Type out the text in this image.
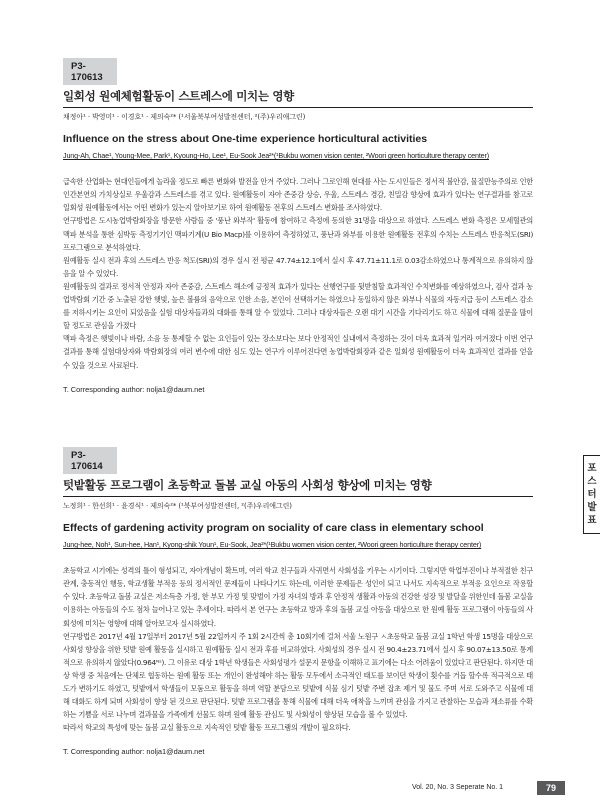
P3-170613
일회성 원예체험활동이 스트레스에 미치는 영향
채정아¹ · 박영미¹ · 이경호¹ · 제의숙²* (¹서울북부여성발전센터, ²(주)우리애그린)
Influence on the stress about One-time experience horticultural activities
Jung-Ah, Chae¹, Young-Mee, Park¹, Kyoung-Ho, Lee¹, Eu-Sook Jea²*(¹Bukbu women vision center, ²Woori green horticulture therapy center)

급속한 산업화는 현대인들에게 놀라울 정도로 빠른 변화와 발전을 안겨 주었다. 그러나 그로인해 현대를 사는 도시인들은 정서적 불안감, 물질만능주의로 인한 인간본연의 가치상실로 우울감과 스트레스를 겪고 있다. 원예활동이 자아 존중감 상승, 우울, 스트레스 경감, 친밀감 향상에 효과가 있다는 연구결과를 참고로 일회성 원예활동에서는 어떤 변화가 있는지 알아보기로 하여 원예활동 전후의 스트레스 변화를 조사하였다.

연구방법은 도시농업박람회장을 방문한 사람들 중 '풍난 와부작' 활동에 참여하고 측정에 동의한 31명을 대상으로 하였다. 스트레스 변화 측정은 모세혈관의 맥파 분석을 통한 심박동 측정기기인 맥파기계(U Bio Macp)를 이용하여 측정하였고, 풍난과 와부를 이용한 원예활동 전후의 수치는 스트레스 반응척도(SRI)프로그램으로 분석하였다.

원예활동 실시 전과 후의 스트레스 반응 척도(SRI)의 경우 실시 전 평균 47.74±12.1에서 실시 후 47.71±11.1로 0.03감소하였으나 통계적으로 유의하지 않음을 알 수 있었다.

원예활동의 결과로 정서적 안정과 자아 존중감, 스트레스 해소에 긍정적 효과가 있다는 선행연구를 뒷받침할 효과적인 수치변화를 예상하였으나, 검사 결과 농업박람회 기간 중 노출된 강한 햇빛, 높은 볼륨의 음악으로 인한 소음, 본인이 선택하기는 하였으나 동일하지 않은 와부나 식물의 자동지급 등이 스트레스 감소를 저하시키는 요인이 되었음을 실험 대상자들과의 대화를 통해 알 수 있었다. 그러나 대상자들은 오랜 대기 시간을 기다리기도 하고 식물에 대해 질문을 많이 할 정도로 관심을 가졌다

맥파 측정은 햇빛이나 바람, 소음 등 통제할 수 없는 요인들이 있는 장소보다는 보다 안정적인 실내에서 측정하는 것이 더욱 효과적 일거라 여겨졌다 이번 연구결과를 통해 실험대상자와 박람회장의 여러 변수에 대한 심도 있는 연구가 이루어진다면 농업박람회장과 같은 일회성 원예활동이 더욱 효과적인 결과를 얻을 수 있을 것으로 사료된다.

T. Corresponding author: nolja1@daum.net
P3-170614
텃밭활동 프로그램이 초등학교 돌봄 교실 아동의 사회성 향상에 미치는 영향
노정희¹ · 한선희¹ · 윤경식¹ · 제의숙²* (¹북부여성발전센터, ²(주)우리애그린)
Effects of gardening activity program on sociality of care class in elementary school
Jung-hee, Noh¹, Sun-hee, Han¹, Kyong-shik Youn¹, Eu-Sook, Jea²*(¹Bukbu women vision center, ²Woori green horticulture therapy center)

초등학교 시기에는 성격의 틀이 형성되고, 자아개념이 확트며, 여러 학교 친구들과 사귀면서 사회성을 키우는 시기이다. 그렇지만 학업부진이나 부적절한 친구관계, 충동적인 행동, 학교생활 부적응 등의 정서적인 문제들이 나타나기도 하는데, 이러한 문제들은 성인이 되고 나서도 지속적으로 부적응 요인으로 작용할 수 있다. 초등학교 돌봄 교실은 저소득층 가정, 한 부모 가정 및 맞벌이 가정 자녀의 방과 후 안정적 생활과 아동의 건강한 성장 및 발달을 위한인데 돌봄 교실을 이용하는 아동들의 수도 점차 늘어나고 있는 추세이다. 따라서 본 연구는 초등학교 방과 후의 돌봄 교실 아동을 대상으로 한 원예 활동 프로그램이 아동들의 사회성에 미치는 영향에 대해 알아보고자 실시하였다.

연구방법은 2017년 4월 17일부터 2017년 5월 22일까지 주 1회 2시간씩 총 10회기에 걸쳐 서울 노원구 ㅅ초등학교 돌봄 교실 1학년 학생 15명을 대상으로 사회성 향상을 위한 텃밭 원예 활동을 실시하고 원예활동 실시 전과 후를 비교하였다. 사회성의 경우 실시 전 90.4±23.71에서 실시 후 90.07±13.50로 통계적으로 유의하지 않았다(0.964ᴺˢ). 그 이유로 대상 1학년 학생들은 사회성평가 설문지 문항을 이해하고 표기에는 다소 어려움이 있었다고 판단된다. 하지만 대상 학생 중 처음에는 단체로 협동하는 원예 활동 또는 개인이 완성해야 하는 활동 모두에서 소극적인 태도를 보이던 학생이 횟수를 거듭 할수록 적극적으로 태도가 변하기도 하였고, 텃밭에서 학생들이 모둠으로 활동을 하며 역할 분담으로 텃밭에 식물 심기 텃밭 주변 잡초 제거 및 물도 주며 서로 도와주고 식물에 대해 대화도 하게 되며 사회성이 향상 된 것으로 판단된다. 텃밭 프로그램을 통해 식물에 대해 더욱 애착을 느끼며 관심을 가지고 관찰하는 모습과 채소류를 수확하는 기쁨을 서로 나누며 결과물을 가족에게 선물도 하며 원예 활동 관심도 및 사회성이 향상된 모습을 볼 수 있었다.

따라서 학교의 특성에 맞는 돌봄 교실 활동으로 지속적인 텃밭 활동 프로그램의 개발이 필요하다.

T. Corresponding author: nolja1@daum.net
포
스
터
발
표
Vol. 20, No. 3 Seperate No. 1	79
